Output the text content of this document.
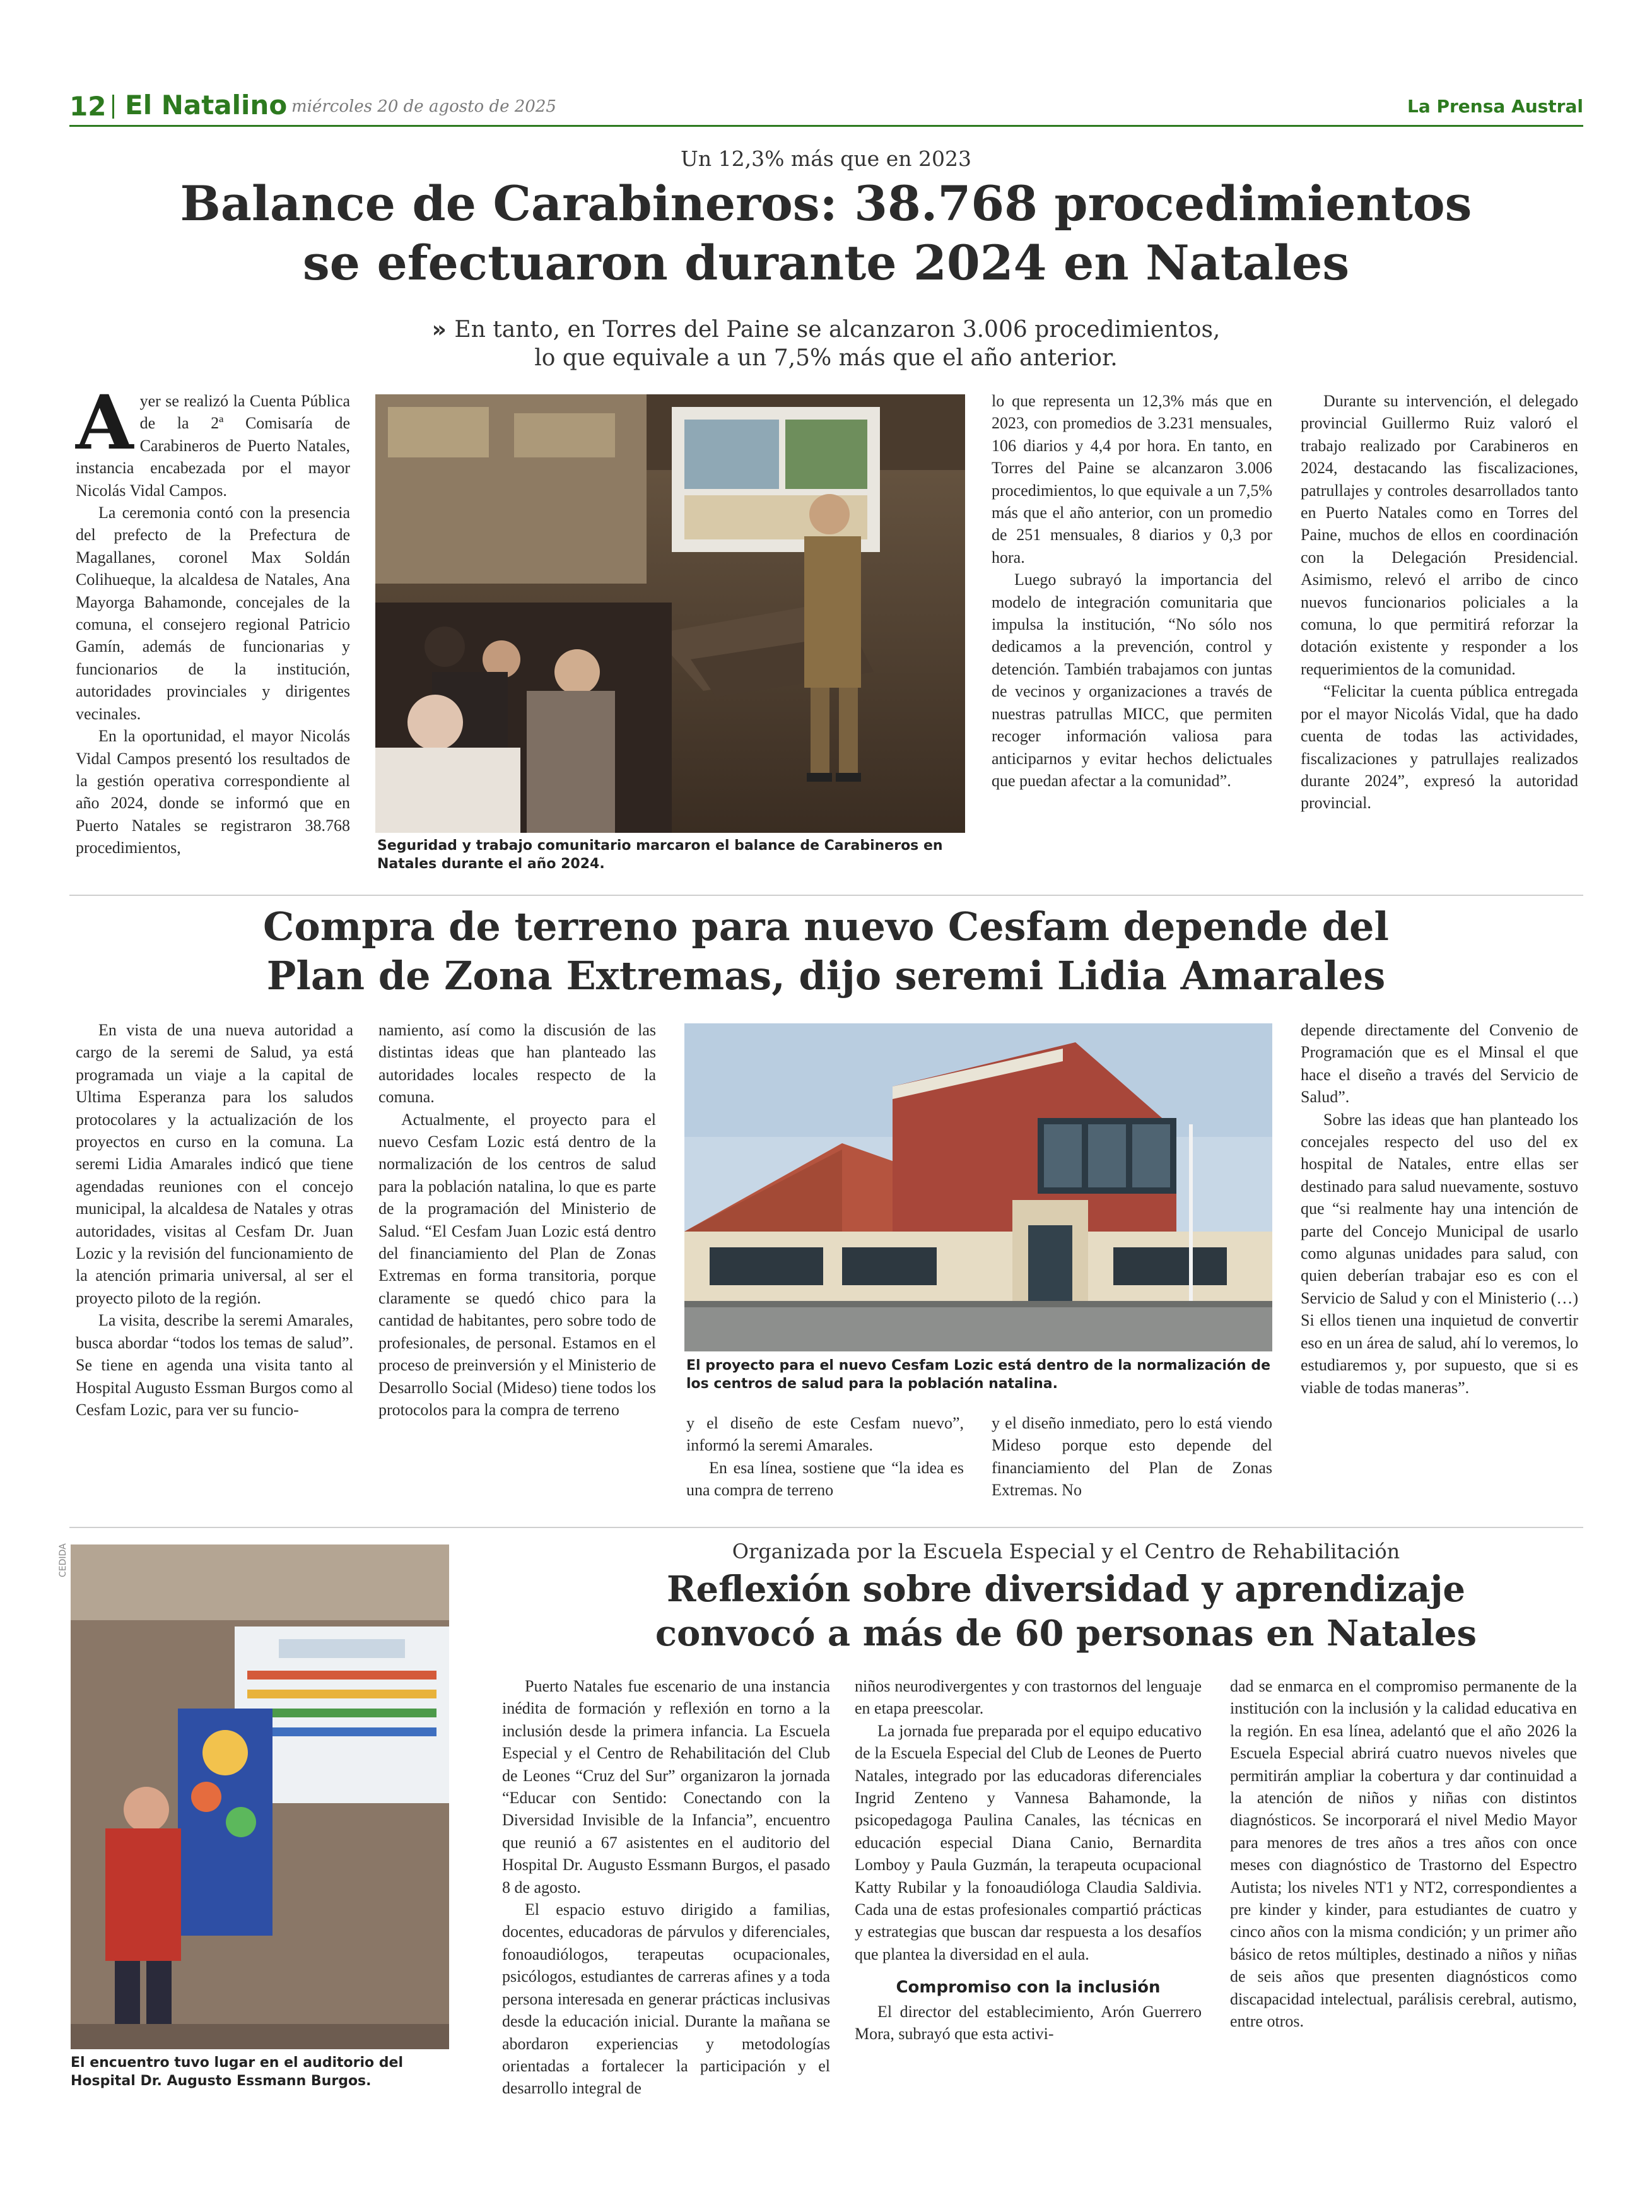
12 El Natalino miércoles 20 de agosto de 2025	La Prensa Austral
Un 12,3% más que en 2023
Balance de Carabineros: 38.768 procedimientos
se efectuaron durante 2024 en Natales
» En tanto, en Torres del Paine se alcanzaron 3.006 procedimientos,
lo que equivale a un 7,5% más que el año anterior.

Ayer se realizó la Cuenta Pública de la 2ª Comisaría de Carabineros de Puerto Natales, instancia encabezada por el mayor Nicolás Vidal Campos.

La ceremonia contó con la presencia del prefecto de la Prefectura de Magallanes, coronel Max Soldán Colihueque, la alcaldesa de Natales, Ana Mayorga Bahamonde, concejales de la comuna, el consejero regional Patricio Gamín, además de funcionarias y funcionarios de la institución, autoridades provinciales y dirigentes vecinales.

En la oportunidad, el mayor Nicolás Vidal Campos presentó los resultados de la gestión operativa correspondiente al año 2024, donde se informó que en Puerto Natales se registraron 38.768 procedimientos,	Seguridad y trabajo comunitario marcaron el balance de Carabineros en Natales durante el año 2024.

lo que representa un 12,3% más que en 2023, con promedios de 3.231 mensuales, 106 diarios y 4,4 por hora. En tanto, en Torres del Paine se alcanzaron 3.006 procedimientos, lo que equivale a un 7,5% más que el año anterior, con un promedio de 251 mensuales, 8 diarios y 0,3 por hora.

Luego subrayó la importancia del modelo de integración comunitaria que impulsa la institución, “No sólo nos dedicamos a la prevención, control y detención. También trabajamos con juntas de vecinos y organizaciones a través de nuestras patrullas MICC, que permiten recoger información valiosa para anticiparnos y evitar hechos delictuales que puedan afectar a la comunidad”.

Durante su intervención, el delegado provincial Guillermo Ruiz valoró el trabajo realizado por Carabineros en 2024, destacando las fiscalizaciones, patrullajes y controles desarrollados tanto en Puerto Natales como en Torres del Paine, muchos de ellos en coordinación con la Delegación Presidencial. Asimismo, relevó el arribo de cinco nuevos funcionarios policiales a la comuna, lo que permitirá reforzar la dotación existente y responder a los requerimientos de la comunidad.

“Felicitar la cuenta pública entregada por el mayor Nicolás Vidal, que ha dado cuenta de todas las actividades, fiscalizaciones y patrullajes realizados durante 2024”, expresó la autoridad provincial.

Compra de terreno para nuevo Cesfam depende del
Plan de Zona Extremas, dijo seremi Lidia Amarales

En vista de una nueva autoridad a cargo de la seremi de Salud, ya está programada un viaje a la capital de Ultima Esperanza para los saludos protocolares y la actualización de los proyectos en curso en la comuna. La seremi Lidia Amarales indicó que tiene agendadas reuniones con el concejo municipal, la alcaldesa de Natales y otras autoridades, visitas al Cesfam Dr. Juan Lozic y la revisión del funcionamiento de la atención primaria universal, al ser el proyecto piloto de la región.

La visita, describe la seremi Amarales, busca abordar “todos los temas de salud”. Se tiene en agenda una visita tanto al Hospital Augusto Essman Burgos como al Cesfam Lozic, para ver su funcio-

namiento, así como la discusión de las distintas ideas que han planteado las autoridades locales respecto de la comuna.

Actualmente, el proyecto para el nuevo Cesfam Lozic está dentro de la normalización de los centros de salud para la población natalina, lo que es parte de la programación del Ministerio de Salud. “El Cesfam Juan Lozic está dentro del financiamiento del Plan de Zonas Extremas en forma transitoria, porque claramente se quedó chico para la cantidad de habitantes, pero sobre todo de profesionales, de personal. Estamos en el proceso de preinversión y el Ministerio de Desarrollo Social (Mideso) tiene todos los protocolos para la compra de terreno

El proyecto para el nuevo Cesfam Lozic está dentro de la normalización de los centros de salud para la población natalina.

y el diseño de este Cesfam nuevo”, informó la seremi Amarales.

En esa línea, sostiene que “la idea es una compra de terreno

y el diseño inmediato, pero lo está viendo Mideso porque esto depende del financiamiento del Plan de Zonas Extremas. No

depende directamente del Convenio de Programación que es el Minsal el que hace el diseño a través del Servicio de Salud”.

Sobre las ideas que han planteado los concejales respecto del uso del ex hospital de Natales, entre ellas ser destinado para salud nuevamente, sostuvo que “si realmente hay una intención de parte del Concejo Municipal de usarlo como algunas unidades para salud, con quien deberían trabajar eso es con el Servicio de Salud y con el Ministerio (…) Si ellos tienen una inquietud de convertir eso en un área de salud, ahí lo veremos, lo estudiaremos y, por supuesto, que si es viable de todas maneras”.

CEDIDA
El encuentro tuvo lugar en el auditorio del Hospital Dr. Augusto Essmann Burgos.
Organizada por la Escuela Especial y el Centro de Rehabilitación
Reflexión sobre diversidad y aprendizaje
convocó a más de 60 personas en Natales

Puerto Natales fue escenario de una instancia inédita de formación y reflexión en torno a la inclusión desde la primera infancia. La Escuela Especial y el Centro de Rehabilitación del Club de Leones “Cruz del Sur” organizaron la jornada “Educar con Sentido: Conectando con la Diversidad Invisible de la Infancia”, encuentro que reunió a 67 asistentes en el auditorio del Hospital Dr. Augusto Essmann Burgos, el pasado 8 de agosto.

El espacio estuvo dirigido a familias, docentes, educadoras de párvulos y diferenciales, fonoaudiólogos, terapeutas ocupacionales, psicólogos, estudiantes de carreras afines y a toda persona interesada en generar prácticas inclusivas desde la educación inicial. Durante la mañana se abordaron experiencias y metodologías orientadas a fortalecer la participación y el desarrollo integral de

niños neurodivergentes y con trastornos del lenguaje en etapa preescolar.

La jornada fue preparada por el equipo educativo de la Escuela Especial del Club de Leones de Puerto Natales, integrado por las educadoras diferenciales Ingrid Zenteno y Vannesa Bahamonde, la psicopedagoga Paulina Canales, las técnicas en educación especial Diana Canio, Bernardita Lomboy y Paula Guzmán, la terapeuta ocupacional Katty Rubilar y la fonoaudióloga Claudia Saldivia. Cada una de estas profesionales compartió prácticas y estrategias que buscan dar respuesta a los desafíos que plantea la diversidad en el aula.

Compromiso con la inclusión

El director del establecimiento, Arón Guerrero Mora, subrayó que esta activi-

dad se enmarca en el compromiso permanente de la institución con la inclusión y la calidad educativa en la región. En esa línea, adelantó que el año 2026 la Escuela Especial abrirá cuatro nuevos niveles que permitirán ampliar la cobertura y dar continuidad a la atención de niños y niñas con distintos diagnósticos. Se incorporará el nivel Medio Mayor para menores de tres años a tres años con once meses con diagnóstico de Trastorno del Espectro Autista; los niveles NT1 y NT2, correspondientes a pre kinder y kinder, para estudiantes de cuatro y cinco años con la misma condición; y un primer año básico de retos múltiples, destinado a niños y niñas de seis años que presenten diagnósticos como discapacidad intelectual, parálisis cerebral, autismo, entre otros.
